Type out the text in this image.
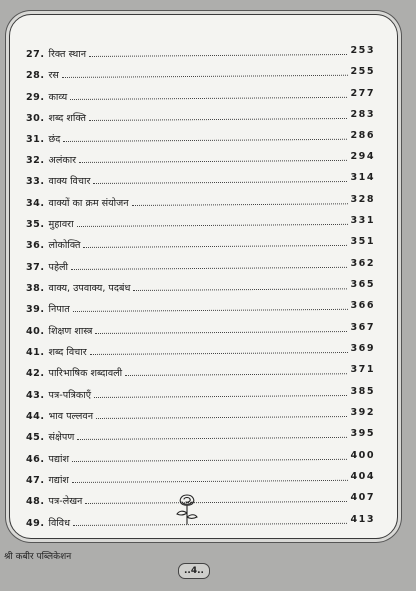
27. रिक्त स्थान	253
28. रस	255
29. काव्य	277
30. शब्द शक्ति	283
31. छंद	286
32. अलंकार	294
33. वाक्य विचार	314
34. वाक्यों का क्रम संयोजन	328
35. मुहावरा	331
36. लोकोक्ति	351
37. पहेली	362
38. वाक्य, उपवाक्य, पदबंध	365
39. निपात	366
40. शिक्षण शास्त्र	367
41. शब्द विचार	369
42. पारिभाषिक शब्दावली	371
43. पत्र-पत्रिकाएँ	385
44. भाव पल्लवन	392
45. संक्षेपण	395
46. पद्यांश	400
47. गद्यांश	404
48. पत्र-लेखन	407
49. विविध	413
श्री कबीर पब्लिकेशन
..4..
